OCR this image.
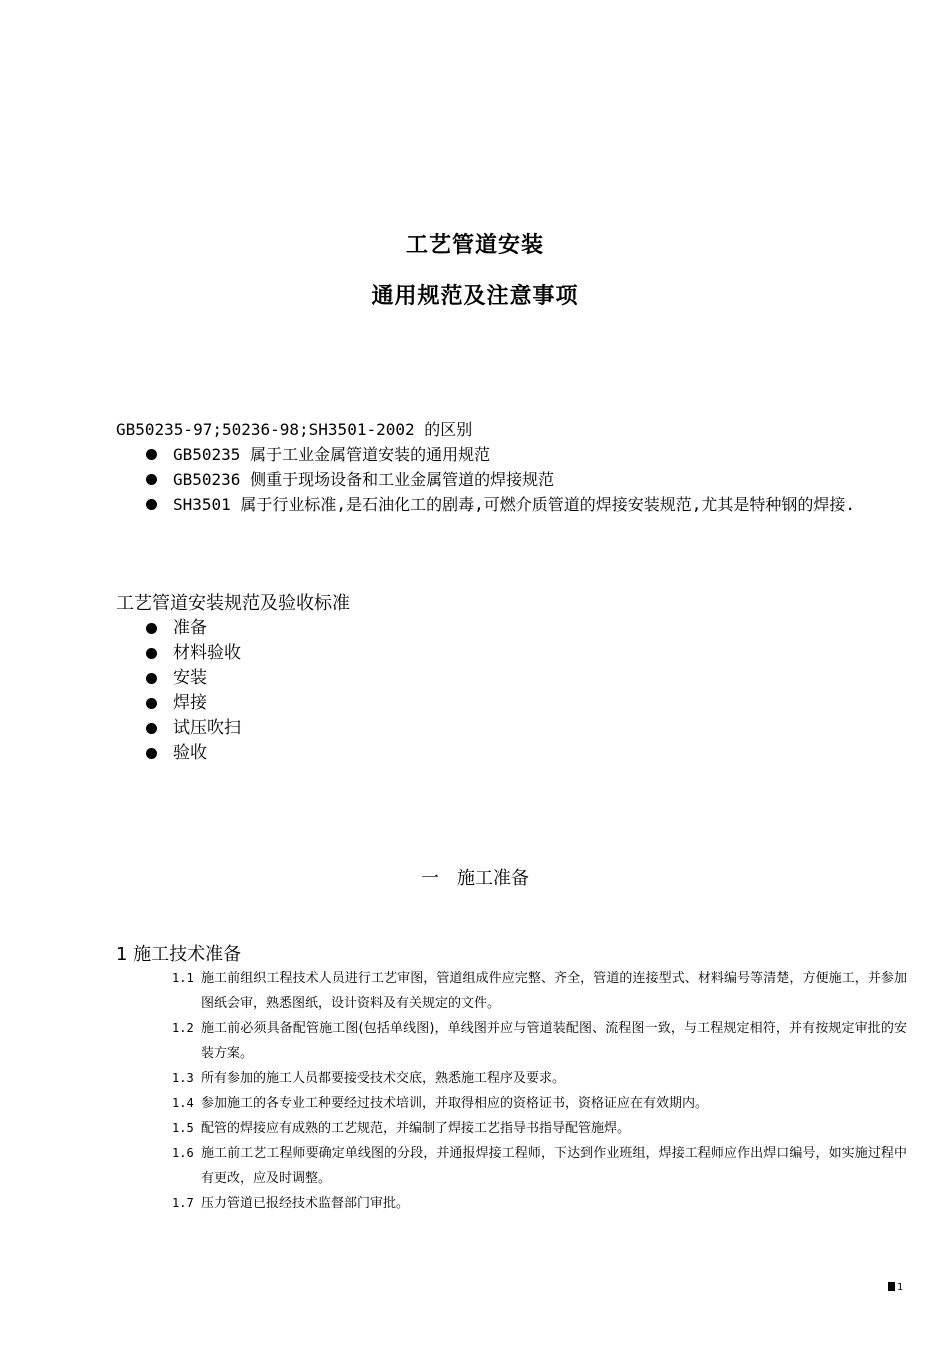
工艺管道安装
通用规范及注意事项
GB50235-97;50236-98;SH3501-2002 的区别
GB50235 属于工业金属管道安装的通用规范
GB50236 侧重于现场设备和工业金属管道的焊接规范
SH3501 属于行业标准,是石油化工的剧毒,可燃介质管道的焊接安装规范,尤其是特种钢的焊接.
工艺管道安装规范及验收标准
准备
材料验收
安装
焊接
试压吹扫
验收
一 施工准备
1 施工技术准备
1.1 施工前组织工程技术人员进行工艺审图，管道组成件应完整、齐全，管道的连接型式、材料编号等清楚，方便施工，并参加图纸会审，熟悉图纸，设计资料及有关规定的文件。
1.2 施工前必须具备配管施工图(包括单线图)，单线图并应与管道装配图、流程图一致，与工程规定相符，并有按规定审批的安装方案。
1.3 所有参加的施工人员都要接受技术交底，熟悉施工程序及要求。
1.4 参加施工的各专业工种要经过技术培训，并取得相应的资格证书，资格证应在有效期内。
1.5 配管的焊接应有成熟的工艺规范，并编制了焊接工艺指导书指导配管施焊。
1.6 施工前工艺工程师要确定单线图的分段，并通报焊接工程师，下达到作业班组，焊接工程师应作出焊口编号，如实施过程中有更改，应及时调整。
1.7 压力管道已报经技术监督部门审批。
1
